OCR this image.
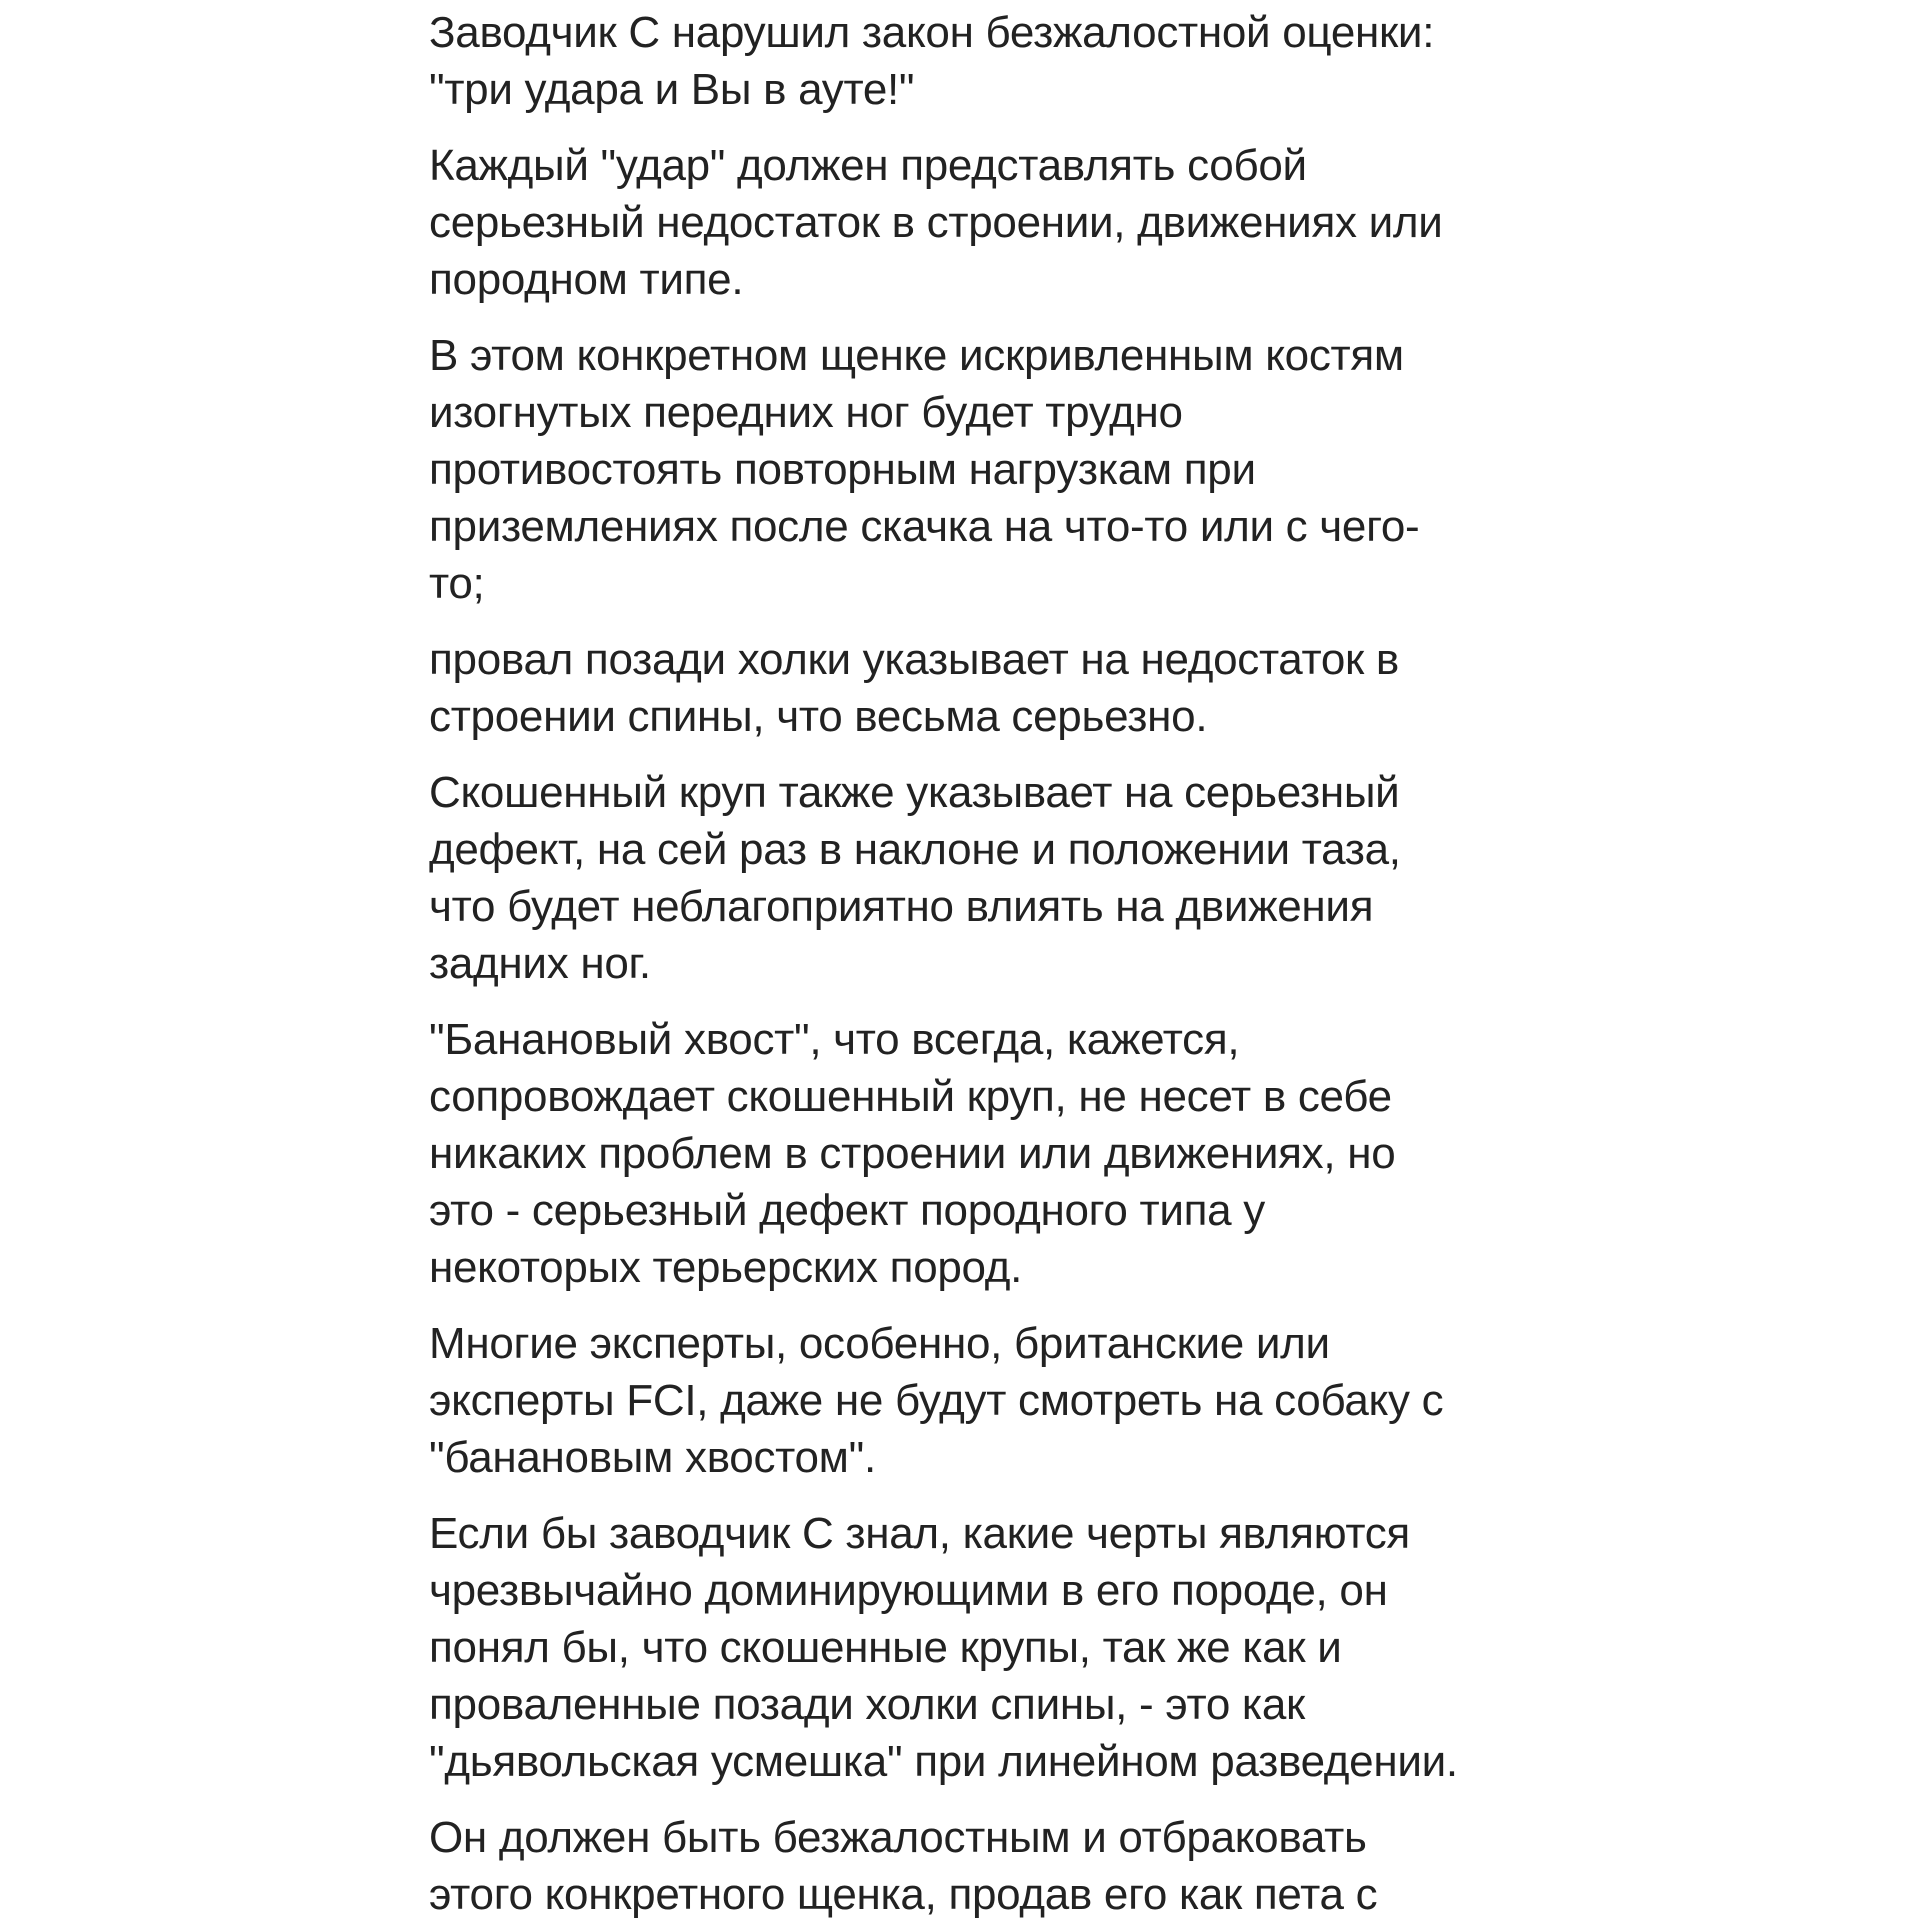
Заводчик С нарушил закон безжалостной оценки:
"три удара и Вы в ауте!"
Каждый "удар" должен представлять собой
серьезный недостаток в строении, движениях или
породном типе.
В этом конкретном щенке искривленным костям
изогнутых передних ног будет трудно
противостоять повторным нагрузкам при
приземлениях после скачка на что-то или с чего-
то;
провал позади холки указывает на недостаток в
строении спины, что весьма серьезно.
Скошенный круп также указывает на серьезный
дефект, на сей раз в наклоне и положении таза,
что будет неблагоприятно влиять на движения
задних ног.
"Банановый хвост", что всегда, кажется,
сопровождает скошенный круп, не несет в себе
никаких проблем в строении или движениях, но
это - серьезный дефект породного типа у
некоторых терьерских пород.
Многие эксперты, особенно, британские или
эксперты FCI, даже не будут смотреть на собаку с
"банановым хвостом".
Если бы заводчик С знал, какие черты являются
чрезвычайно доминирующими в его породе, он
понял бы, что скошенные крупы, так же как и
проваленные позади холки спины, - это как
"дьявольская усмешка" при линейном разведении.
Он должен быть безжалостным и отбраковать
этого конкретного щенка, продав его как пета с
